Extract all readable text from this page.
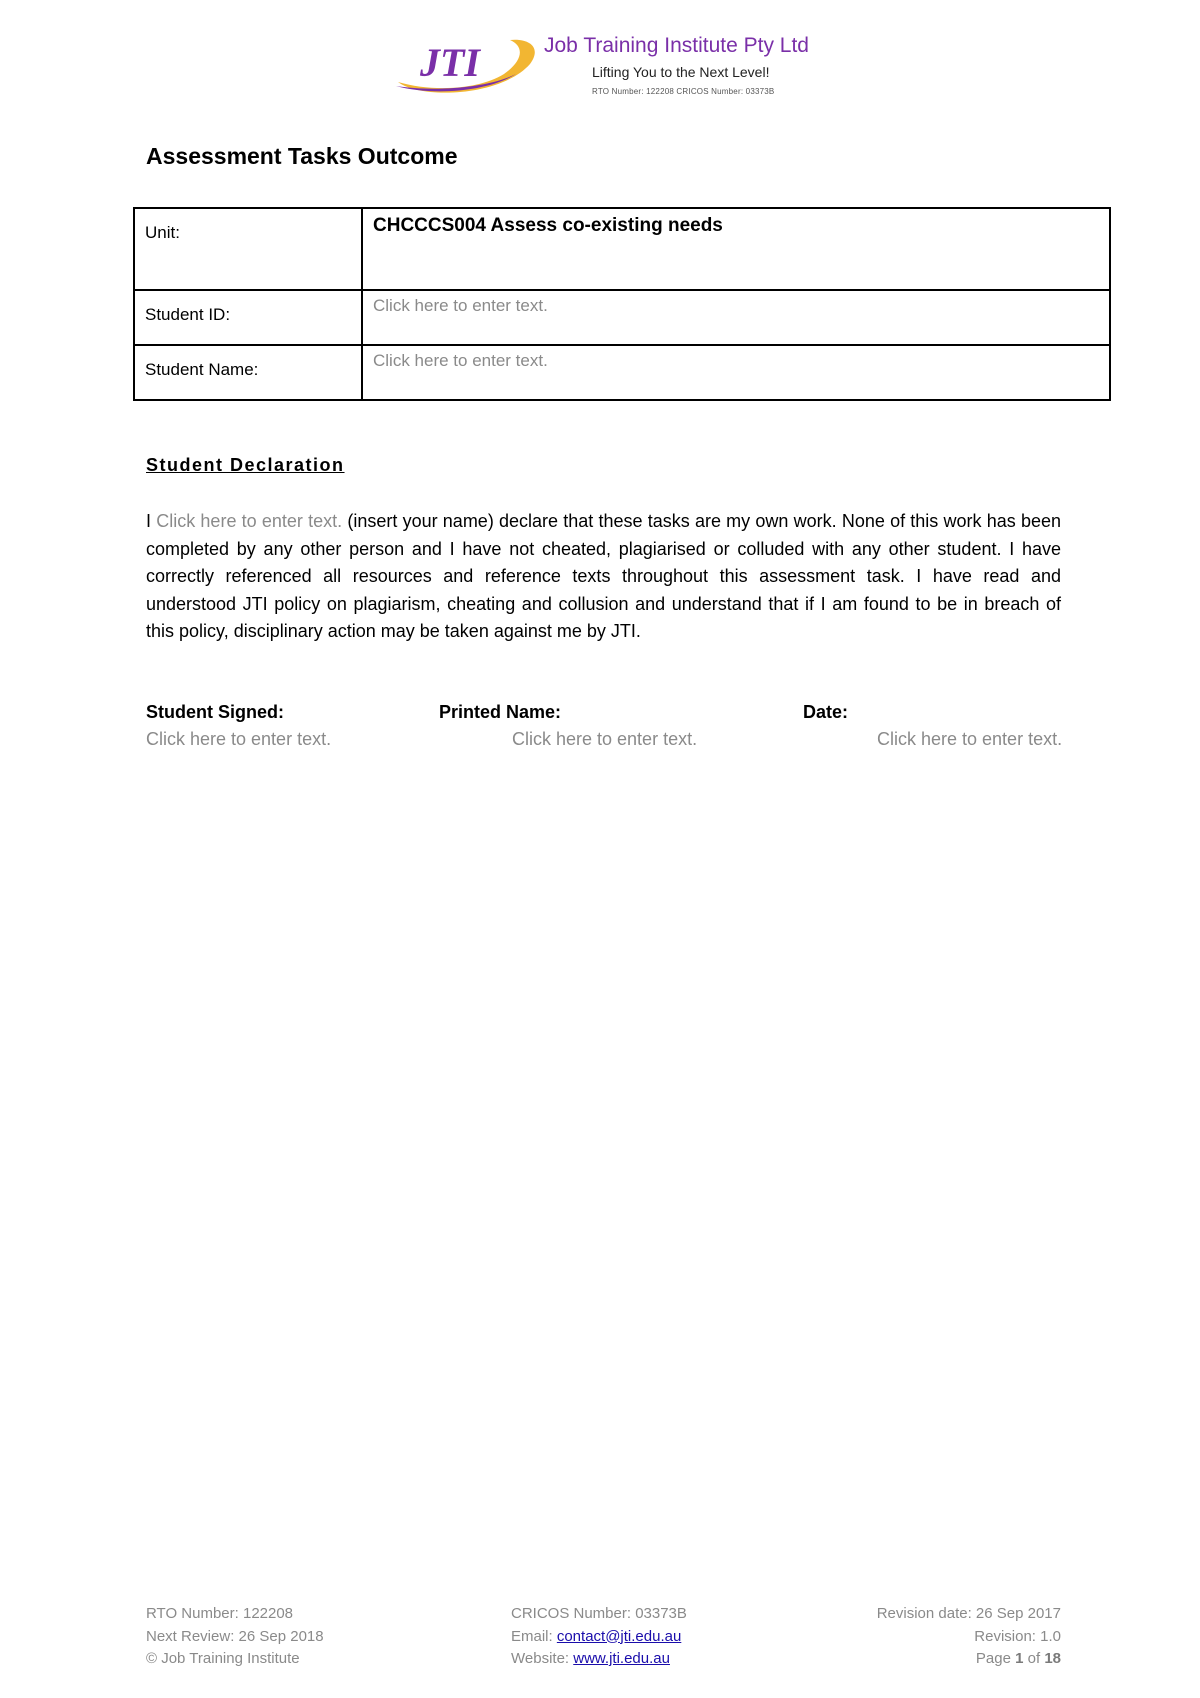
JTI	Job Training Institute Pty Ltd
Lifting You to the Next Level!
RTO Number: 122208 CRICOS Number: 03373B
Assessment Tasks Outcome
Unit:	CHCCCS004 Assess co-existing needs

Student ID:	Click here to enter text.

Student Name:	Click here to enter text.
Student Declaration
I Click here to enter text. (insert your name) declare that these tasks are my own work. None of this work has been completed by any other person and I have not cheated, plagiarised or colluded with any other student. I have correctly referenced all resources and reference texts throughout this assessment task. I have read and understood JTI policy on plagiarism, cheating and collusion and understand that if I am found to be in breach of this policy, disciplinary action may be taken against me by JTI.
Student Signed:
Click here to enter text.
Printed Name:
Click here to enter text.
Date:
Click here to enter text.
RTO Number: 122208
Next Review: 26 Sep 2018
© Job Training Institute
CRICOS Number: 03373B
Email: contact@jti.edu.au
Website: www.jti.edu.au
Revision date: 26 Sep 2017
Revision: 1.0
Page 1 of 18
